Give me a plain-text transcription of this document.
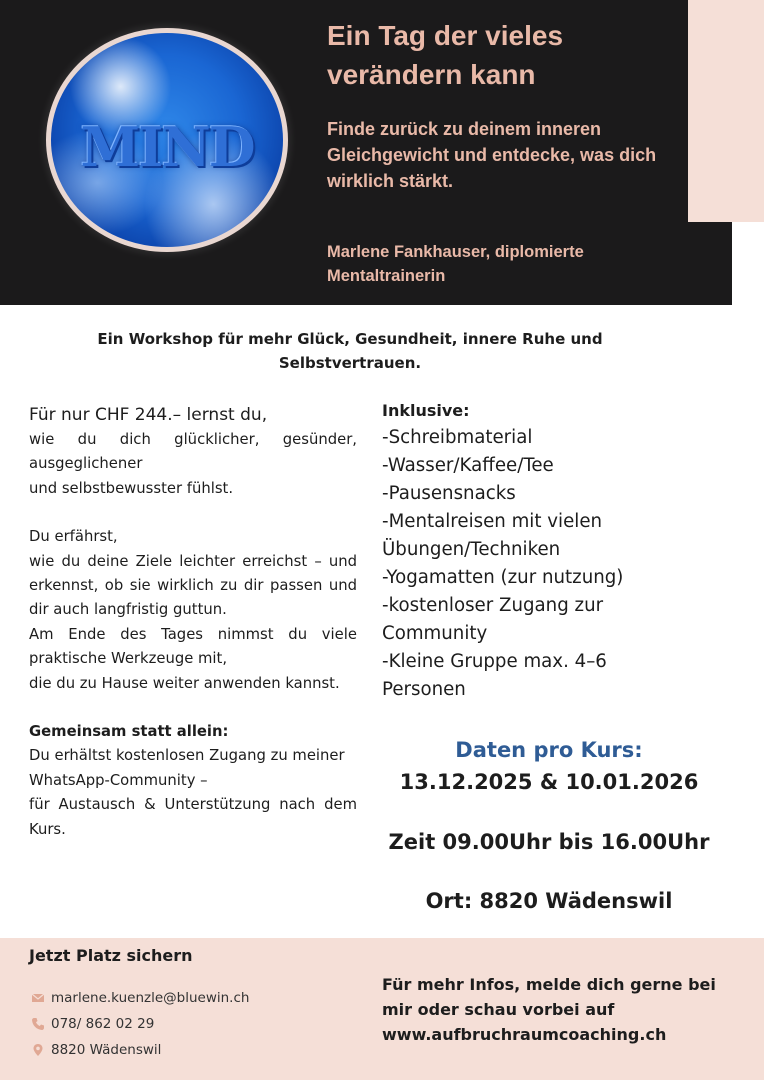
MIND
Ein Tag der vieles verändern kann

Finde zurück zu deinem inneren Gleichgewicht und entdecke, was dich wirklich stärkt.

Marlene Fankhauser, diplomierte Mentaltrainerin

Ein Workshop für mehr Glück, Gesundheit, innere Ruhe und Selbstvertrauen.

Für nur CHF 244.– lernst du,

wie du dich glücklicher, gesünder, ausgeglichener

und selbstbewusster fühlst.

Du erfährst,

wie du deine Ziele leichter erreichst – und erkennst, ob sie wirklich zu dir passen und dir auch langfristig guttun.

Am Ende des Tages nimmst du viele praktische Werkzeuge mit,

die du zu Hause weiter anwenden kannst.

Gemeinsam statt allein:

Du erhältst kostenlosen Zugang zu meiner

WhatsApp-Community –

für Austausch & Unterstützung nach dem Kurs.

Inklusive:
-Schreibmaterial
-Wasser/Kaffee/Tee
-Pausensnacks
-Mentalreisen mit vielen Übungen/Techniken
-Yogamatten (zur nutzung)
-kostenloser Zugang zur Community
-Kleine Gruppe max. 4–6 Personen

Daten pro Kurs:

13.12.2025 & 10.01.2026

Zeit 09.00Uhr bis 16.00Uhr

Ort: 8820 Wädenswil

Jetzt Platz sichern

marlene.kuenzle@bluewin.ch
078/ 862 02 29
8820 Wädenswil

Für mehr Infos, melde dich gerne bei mir oder schau vorbei auf www.aufbruchraumcoaching.ch
